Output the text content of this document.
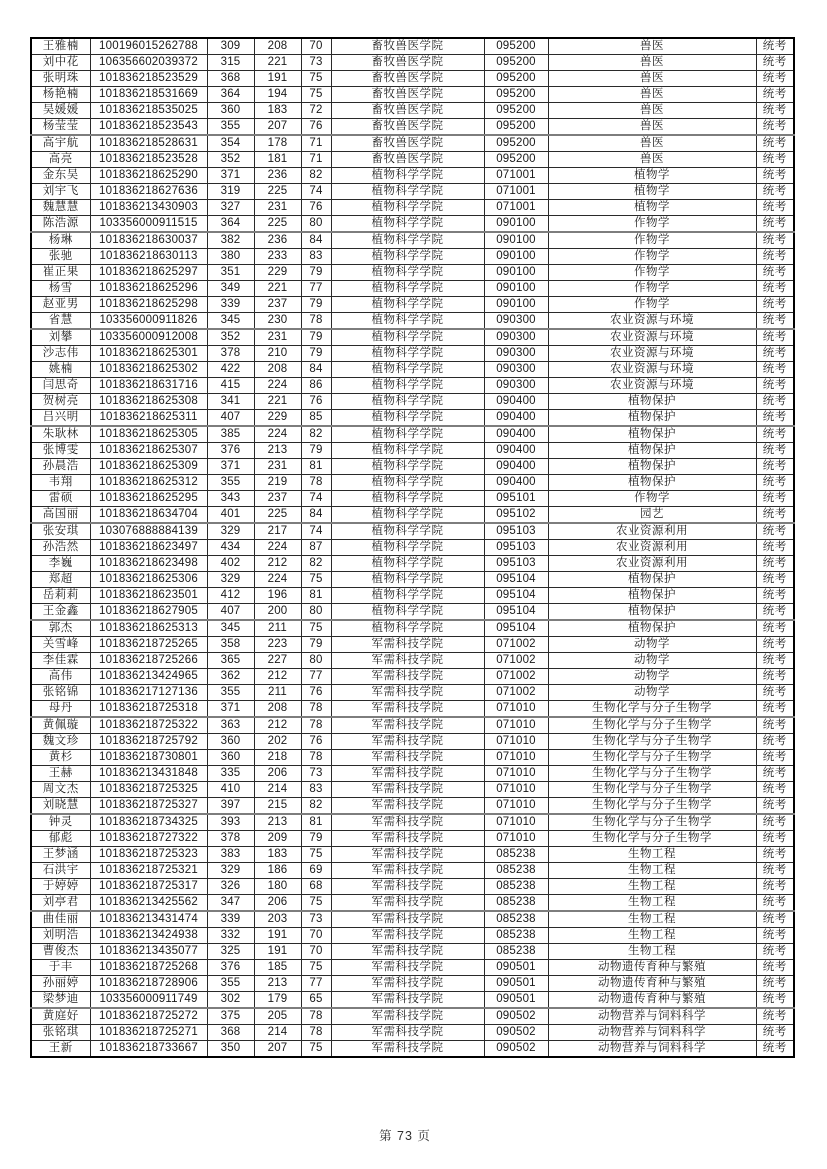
王雅楠	100196015262788	309	208	70	畜牧兽医学院	095200	兽医	统考
刘中花	106356602039372	315	221	73	畜牧兽医学院	095200	兽医	统考
张明珠	101836218523529	368	191	75	畜牧兽医学院	095200	兽医	统考
杨艳楠	101836218531669	364	194	75	畜牧兽医学院	095200	兽医	统考
吴媛媛	101836218535025	360	183	72	畜牧兽医学院	095200	兽医	统考
杨莹莹	101836218523543	355	207	76	畜牧兽医学院	095200	兽医	统考
高宇航	101836218528631	354	178	71	畜牧兽医学院	095200	兽医	统考
高亮	101836218523528	352	181	71	畜牧兽医学院	095200	兽医	统考
金东吴	101836218625290	371	236	82	植物科学学院	071001	植物学	统考
刘宇飞	101836218627636	319	225	74	植物科学学院	071001	植物学	统考
魏慧慧	101836213430903	327	231	76	植物科学学院	071001	植物学	统考
陈浩源	103356000911515	364	225	80	植物科学学院	090100	作物学	统考
杨琳	101836218630037	382	236	84	植物科学学院	090100	作物学	统考
张驰	101836218630113	380	233	83	植物科学学院	090100	作物学	统考
崔正果	101836218625297	351	229	79	植物科学学院	090100	作物学	统考
杨雪	101836218625296	349	221	77	植物科学学院	090100	作物学	统考
赵亚男	101836218625298	339	237	79	植物科学学院	090100	作物学	统考
省慧	103356000911826	345	230	78	植物科学学院	090300	农业资源与环境	统考
刘攀	103356000912008	352	231	79	植物科学学院	090300	农业资源与环境	统考
沙志伟	101836218625301	378	210	79	植物科学学院	090300	农业资源与环境	统考
姚楠	101836218625302	422	208	84	植物科学学院	090300	农业资源与环境	统考
闫思奇	101836218631716	415	224	86	植物科学学院	090300	农业资源与环境	统考
贺树亮	101836218625308	341	221	76	植物科学学院	090400	植物保护	统考
吕兴明	101836218625311	407	229	85	植物科学学院	090400	植物保护	统考
朱耿林	101836218625305	385	224	82	植物科学学院	090400	植物保护	统考
张博雯	101836218625307	376	213	79	植物科学学院	090400	植物保护	统考
孙晨浩	101836218625309	371	231	81	植物科学学院	090400	植物保护	统考
韦翔	101836218625312	355	219	78	植物科学学院	090400	植物保护	统考
雷硕	101836218625295	343	237	74	植物科学学院	095101	作物学	统考
高国丽	101836218634704	401	225	84	植物科学学院	095102	园艺	统考
张安琪	103076888884139	329	217	74	植物科学学院	095103	农业资源利用	统考
孙浩然	101836218623497	434	224	87	植物科学学院	095103	农业资源利用	统考
李巍	101836218623498	402	212	82	植物科学学院	095103	农业资源利用	统考
郑超	101836218625306	329	224	75	植物科学学院	095104	植物保护	统考
岳莉莉	101836218623501	412	196	81	植物科学学院	095104	植物保护	统考
王金鑫	101836218627905	407	200	80	植物科学学院	095104	植物保护	统考
郭杰	101836218625313	345	211	75	植物科学学院	095104	植物保护	统考
关雪峰	101836218725265	358	223	79	军需科技学院	071002	动物学	统考
李佳霖	101836218725266	365	227	80	军需科技学院	071002	动物学	统考
高伟	101836213424965	362	212	77	军需科技学院	071002	动物学	统考
张铭锦	101836217127136	355	211	76	军需科技学院	071002	动物学	统考
母丹	101836218725318	371	208	78	军需科技学院	071010	生物化学与分子生物学	统考
黄佩璇	101836218725322	363	212	78	军需科技学院	071010	生物化学与分子生物学	统考
魏文珍	101836218725792	360	202	76	军需科技学院	071010	生物化学与分子生物学	统考
黄杉	101836218730801	360	218	78	军需科技学院	071010	生物化学与分子生物学	统考
王赫	101836213431848	335	206	73	军需科技学院	071010	生物化学与分子生物学	统考
周文杰	101836218725325	410	214	83	军需科技学院	071010	生物化学与分子生物学	统考
刘晓慧	101836218725327	397	215	82	军需科技学院	071010	生物化学与分子生物学	统考
钟灵	101836218734325	393	213	81	军需科技学院	071010	生物化学与分子生物学	统考
郁彪	101836218727322	378	209	79	军需科技学院	071010	生物化学与分子生物学	统考
王梦涵	101836218725323	383	183	75	军需科技学院	085238	生物工程	统考
石洪宇	101836218725321	329	186	69	军需科技学院	085238	生物工程	统考
于婷婷	101836218725317	326	180	68	军需科技学院	085238	生物工程	统考
刘亭君	101836213425562	347	206	75	军需科技学院	085238	生物工程	统考
曲佳丽	101836213431474	339	203	73	军需科技学院	085238	生物工程	统考
刘明浩	101836213424938	332	191	70	军需科技学院	085238	生物工程	统考
曹俊杰	101836213435077	325	191	70	军需科技学院	085238	生物工程	统考
于丰	101836218725268	376	185	75	军需科技学院	090501	动物遗传育种与繁殖	统考
孙丽婷	101836218728906	355	213	77	军需科技学院	090501	动物遗传育种与繁殖	统考
梁梦迪	103356000911749	302	179	65	军需科技学院	090501	动物遗传育种与繁殖	统考
黄庭好	101836218725272	375	205	78	军需科技学院	090502	动物营养与饲料科学	统考
张铭琪	101836218725271	368	214	78	军需科技学院	090502	动物营养与饲料科学	统考
王新	101836218733667	350	207	75	军需科技学院	090502	动物营养与饲料科学	统考
第 73 页
